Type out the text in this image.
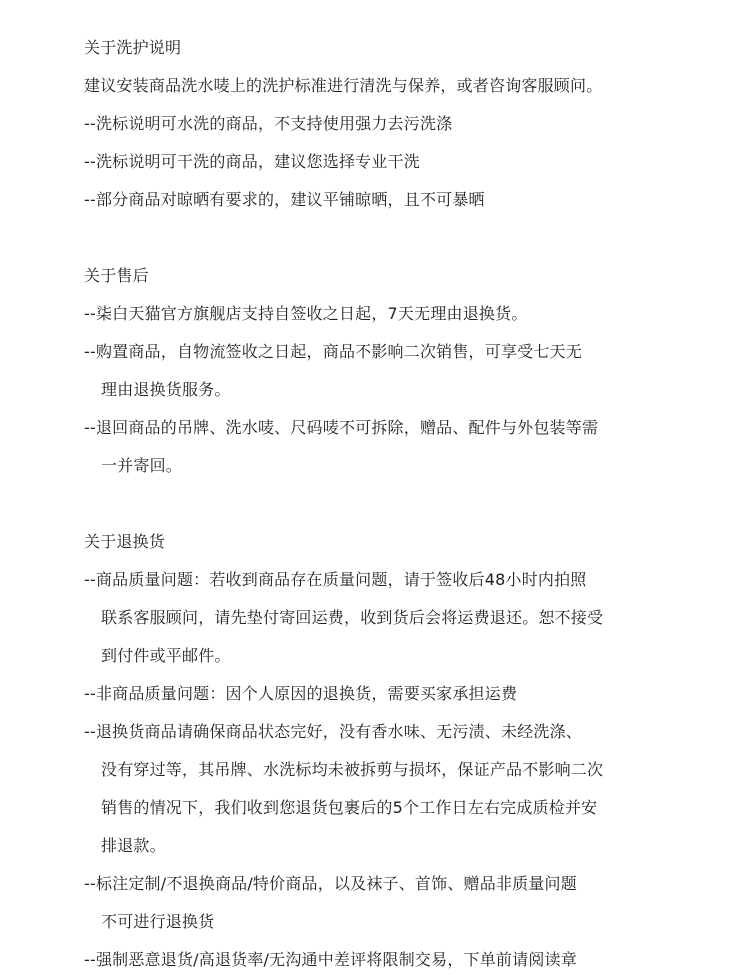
关于洗护说明
建议安装商品洗水唛上的洗护标准进行清洗与保养，或者咨询客服顾问。
--洗标说明可水洗的商品，不支持使用强力去污洗涤
--洗标说明可干洗的商品，建议您选择专业干洗
--部分商品对晾晒有要求的，建议平铺晾晒，且不可暴晒
关于售后
--柒白天猫官方旗舰店支持自签收之日起，7天无理由退换货。
--购置商品，自物流签收之日起，商品不影响二次销售，可享受七天无
理由退换货服务。
--退回商品的吊牌、洗水唛、尺码唛不可拆除，赠品、配件与外包装等需
一并寄回。
关于退换货
--商品质量问题：若收到商品存在质量问题，请于签收后48小时内拍照
联系客服顾问，请先垫付寄回运费，收到货后会将运费退还。恕不接受
到付件或平邮件。
--非商品质量问题：因个人原因的退换货，需要买家承担运费
--退换货商品请确保商品状态完好，没有香水味、无污渍、未经洗涤、
没有穿过等，其吊牌、水洗标均未被拆剪与损坏，保证产品不影响二次
销售的情况下，我们收到您退货包裹后的5个工作日左右完成质检并安
排退款。
--标注定制/不退换商品/特价商品，以及袜子、首饰、赠品非质量问题
不可进行退换货
--强制恶意退货/高退货率/无沟通中差评将限制交易，下单前请阅读章
